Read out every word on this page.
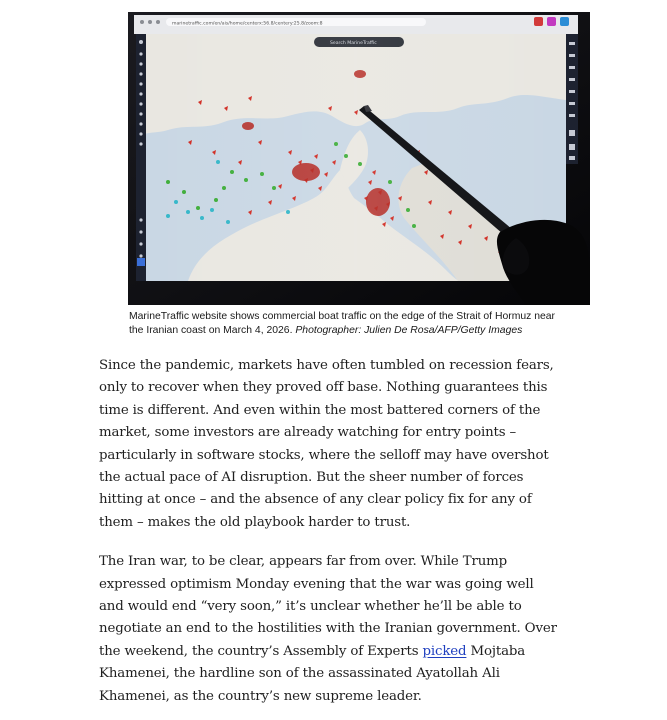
marinetraffic.com/en/ais/home/centerx:56.8/centery:25.8/zoom:8
MarineTraffic website shows commercial boat traffic on the edge of the Strait of Hormuz near
the Iranian coast on March 4, 2026. Photographer: Julien De Rosa/AFP/Getty Images

Since the pandemic, markets have often tumbled on recession fears,
only to recover when they proved off base. Nothing guarantees this
time is different. And even within the most battered corners of the
market, some investors are already watching for entry points –
particularly in software stocks, where the selloff may have overshot
the actual pace of AI disruption. But the sheer number of forces
hitting at once – and the absence of any clear policy fix for any of
them – makes the old playbook harder to trust.

The Iran war, to be clear, appears far from over. While Trump
expressed optimism Monday evening that the war was going well
and would end “very soon,” it’s unclear whether he’ll be able to
negotiate an end to the hostilities with the Iranian government. Over
the weekend, the country’s Assembly of Experts picked Mojtaba
Khamenei, the hardline son of the assassinated Ayatollah Ali
Khamenei, as the country’s new supreme leader.
